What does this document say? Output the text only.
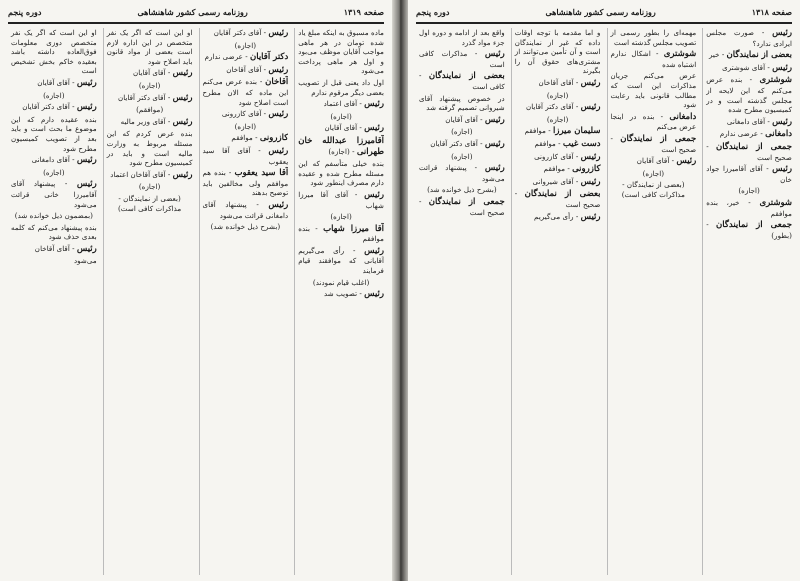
صفحه ۱۳۱۹
روزنامه رسمی کشور شاهنشاهی
دوره پنجم

ماده مسبوق به اینکه مبلغ یاد شده تومان در هر ماهی مواجب آقایان موظف می‌بود و اول هر ماهی پرداخت می‌شود

اول داد یعنی قبل از تصویب بعضی دیگر مرقوم ندارم

رئیس - آقای اعتماد

(اجازه)

رئیس - آقای آقایان

آقامیرزا عبدالله خان طهرانی - (اجازه)

بنده خیلی متأسفم که این مسئله مطرح شده و عقیده دارم مصرف اینطور شود

رئیس - آقای آقا میرزا شهاب

(اجازه)

آقا میرزا شهاب - بنده موافقم

رئیس - رأی می‌گیریم آقایانی که موافقند قیام فرمایند

(اغلب قیام نمودند)

رئیس - تصویب شد

رئیس - آقای دکتر آقایان

(اجازه)

دکتر آقایان - عرضی ندارم

رئیس - آقای آقاخان

آقاخان - بنده عرض می‌کنم این ماده که الان مطرح است اصلاح شود

رئیس - آقای کازرونی

(اجازه)

کازرونی - موافقم

رئیس - آقای آقا سید یعقوب

آقا سید یعقوب - بنده هم موافقم ولی مخالفین باید توضیح بدهند

رئیس - پیشنهاد آقای دامغانی قرائت می‌شود

(بشرح ذیل خوانده شد)

او این است که اگر یک نفر متخصص در این اداره لازم است بعضی از مواد قانون باید اصلاح شود

رئیس - آقای آقایان

(اجازه)

رئیس - آقای دکتر آقایان

(موافقم)

رئیس - آقای وزیر مالیه

بنده عرض کردم که این مسئله مربوط به وزارت مالیه است و باید در کمیسیون مطرح شود

رئیس - آقای آقاخان اعتماد

(اجازه)

(بعضی از نمایندگان - مذاکرات کافی است)

او این است که اگر یک نفر متخصص دوزی معلومات فوق‌العاده داشته باشد بعقیده خاکم بخش تشخیص است

رئیس - آقای آقایان

(اجازه)

رئیس - آقای دکتر آقایان

بنده عقیده دارم که این موضوع ما بحث است و باید بعد از تصویب کمیسیون مطرح شود

رئیس - آقای دامغانی

(اجازه)

رئیس - پیشنهاد آقای آقامیرزا خانی قرائت می‌شود

(بمضمون ذیل خوانده شد)

بنده پیشنهاد می‌کنم که کلمه بعدی حذف شود

رئیس - آقای آقاخان

می‌شود

صفحه ۱۳۱۸
روزنامه رسمی کشور شاهنشاهی
دوره پنجم

رئیس - صورت مجلس ایرادی ندارد؟

بعضی از نمایندگان - خیر

رئیس - آقای شوشتری

شوشتری - بنده عرض می‌کنم که این لایحه از مجلس گذشته است و در کمیسیون مطرح شده

رئیس - آقای دامغانی

دامغانی - عرضی ندارم

جمعی از نمایندگان - صحیح است

رئیس - آقای آقامیرزا جواد خان

(اجازه)

شوشتری - خیر، بنده موافقم

جمعی از نمایندگان - (بطور)

مهمه‌ای را بطور رسمی از تصویب مجلس گذشته است

شوشتری - اشکال ندارم اشتباه شده

عرض می‌کنم جریان مذاکرات این است که مطالب قانونی باید رعایت شود

دامغانی - بنده در اینجا عرض می‌کنم

جمعی از نمایندگان - صحیح است

رئیس - آقای آقایان

(اجازه)

(بعضی از نمایندگان - مذاکرات کافی است)

و اما مقدمه با توجه اوقات داده که غیر از نمایندگان است و آن تأمین می‌توانند از مشتری‌های حقوق آن را بگیرند

رئیس - آقای آقاخان

(اجازه)

رئیس - آقای دکتر آقایان

(اجازه)

سلیمان میرزا - موافقم

دست غیب - موافقم

رئیس - آقای کازرونی

کازرونی - موافقم

رئیس - آقای شیروانی

بعضی از نمایندگان - صحیح است

رئیس - رأی می‌گیریم

واقع بعد از ادامه و دوره اول جزء مواد گذرد

رئیس - مذاکرات کافی است

بعضی از نمایندگان - کافی است

در خصوص پیشنهاد آقای شیروانی تصمیم گرفته شد

رئیس - آقای آقایان

(اجازه)

رئیس - آقای دکتر آقایان

(اجازه)

رئیس - پیشنهاد قرائت می‌شود

(بشرح ذیل خوانده شد)

جمعی از نمایندگان - صحیح است
